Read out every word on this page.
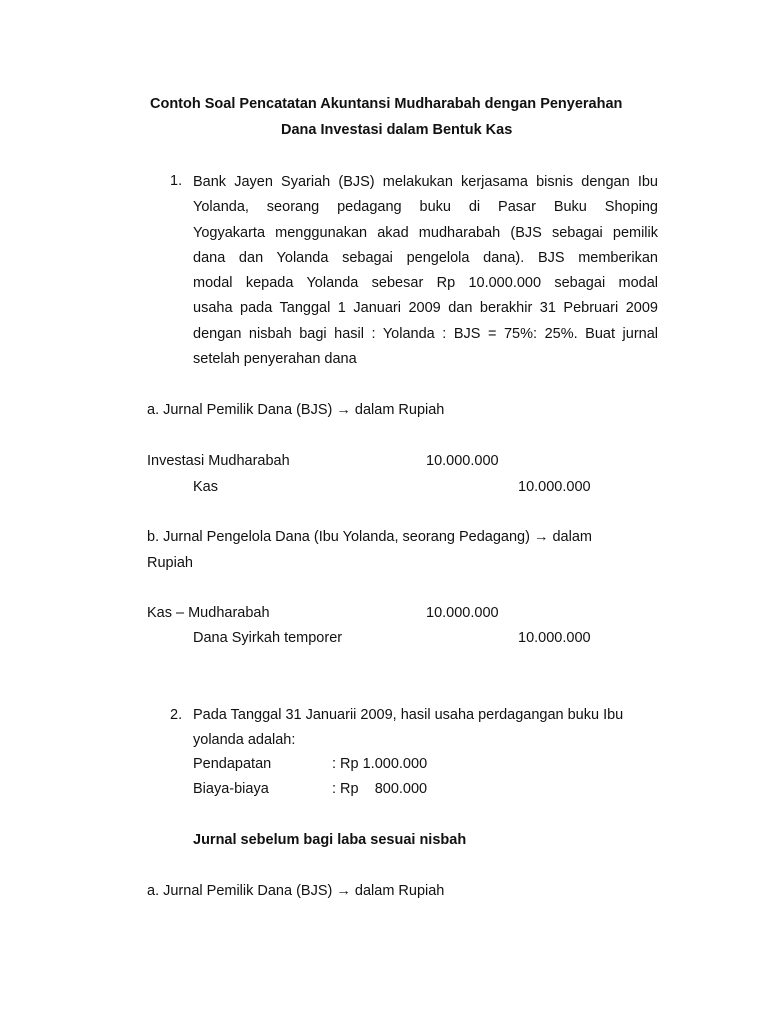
Contoh Soal Pencatatan Akuntansi Mudharabah dengan Penyerahan
Dana Investasi dalam Bentuk Kas
1. Bank Jayen Syariah (BJS) melakukan kerjasama bisnis dengan Ibu

Yolanda, seorang pedagang buku di Pasar Buku Shoping

Yogyakarta menggunakan akad mudharabah (BJS sebagai pemilik

dana dan Yolanda sebagai pengelola dana). BJS memberikan

modal kepada Yolanda sebesar Rp 10.000.000 sebagai modal

usaha pada Tanggal 1 Januari 2009 dan berakhir 31 Pebruari 2009

dengan nisbah bagi hasil : Yolanda : BJS = 75%: 25%. Buat jurnal

setelah penyerahan dana

a. Jurnal Pemilik Dana (BJS) → dalam Rupiah
Investasi Mudharabah	10.000.000
Kas	10.000.000
b. Jurnal Pengelola Dana (Ibu Yolanda, seorang Pedagang) → dalam
Rupiah
Kas – Mudharabah	10.000.000
Dana Syirkah temporer	10.000.000
2. Pada Tanggal 31 Januarii 2009, hasil usaha perdagangan buku Ibu
yolanda adalah:
Pendapatan	: Rp 1.000.000
Biaya-biaya	: Rp    800.000
Jurnal sebelum bagi laba sesuai nisbah
a. Jurnal Pemilik Dana (BJS) → dalam Rupiah
